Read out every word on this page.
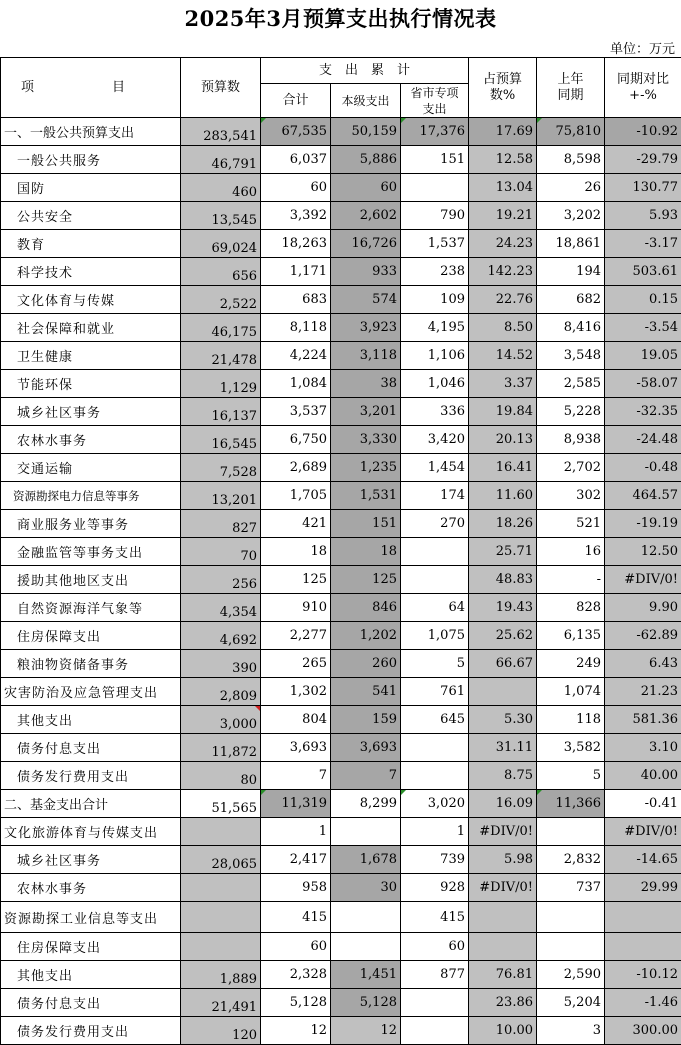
2025年3月预算支出执行情况表
单位：万元
项　　　　　　目	预算数	支　出　累　计			占预算数%	上年同期	同期对比+-%
		合计	本级支出	省市专项支出			
一、一般公共预算支出	283,541	67,535	50,159	17,376	17.69	75,810	-10.92
一般公共服务	46,791	6,037	5,886	151	12.58	8,598	-29.79
国防	460	60	60		13.04	26	130.77
公共安全	13,545	3,392	2,602	790	19.21	3,202	5.93
教育	69,024	18,263	16,726	1,537	24.23	18,861	-3.17
科学技术	656	1,171	933	238	142.23	194	503.61
文化体育与传媒	2,522	683	574	109	22.76	682	0.15
社会保障和就业	46,175	8,118	3,923	4,195	8.50	8,416	-3.54
卫生健康	21,478	4,224	3,118	1,106	14.52	3,548	19.05
节能环保	1,129	1,084	38	1,046	3.37	2,585	-58.07
城乡社区事务	16,137	3,537	3,201	336	19.84	5,228	-32.35
农林水事务	16,545	6,750	3,330	3,420	20.13	8,938	-24.48
交通运输	7,528	2,689	1,235	1,454	16.41	2,702	-0.48
资源勘探电力信息等事务	13,201	1,705	1,531	174	11.60	302	464.57
商业服务业等事务	827	421	151	270	18.26	521	-19.19
金融监管等事务支出	70	18	18		25.71	16	12.50
援助其他地区支出	256	125	125		48.83	-	#DIV/0!
自然资源海洋气象等	4,354	910	846	64	19.43	828	9.90
住房保障支出	4,692	2,277	1,202	1,075	25.62	6,135	-62.89
粮油物资储备事务	390	265	260	5	66.67	249	6.43
灾害防治及应急管理支出	2,809	1,302	541	761		1,074	21.23
其他支出	3,000	804	159	645	5.30	118	581.36
债务付息支出	11,872	3,693	3,693		31.11	3,582	3.10
债务发行费用支出	80	7	7		8.75	5	40.00
二、基金支出合计	51,565	11,319	8,299	3,020	16.09	11,366	-0.41
文化旅游体育与传媒支出		1		1	#DIV/0!		#DIV/0!
城乡社区事务	28,065	2,417	1,678	739	5.98	2,832	-14.65
农林水事务		958	30	928	#DIV/0!	737	29.99
资源勘探工业信息等支出		415		415			
住房保障支出		60		60			
其他支出	1,889	2,328	1,451	877	76.81	2,590	-10.12
债务付息支出	21,491	5,128	5,128		23.86	5,204	-1.46
债务发行费用支出	120	12	12		10.00	3	300.00
